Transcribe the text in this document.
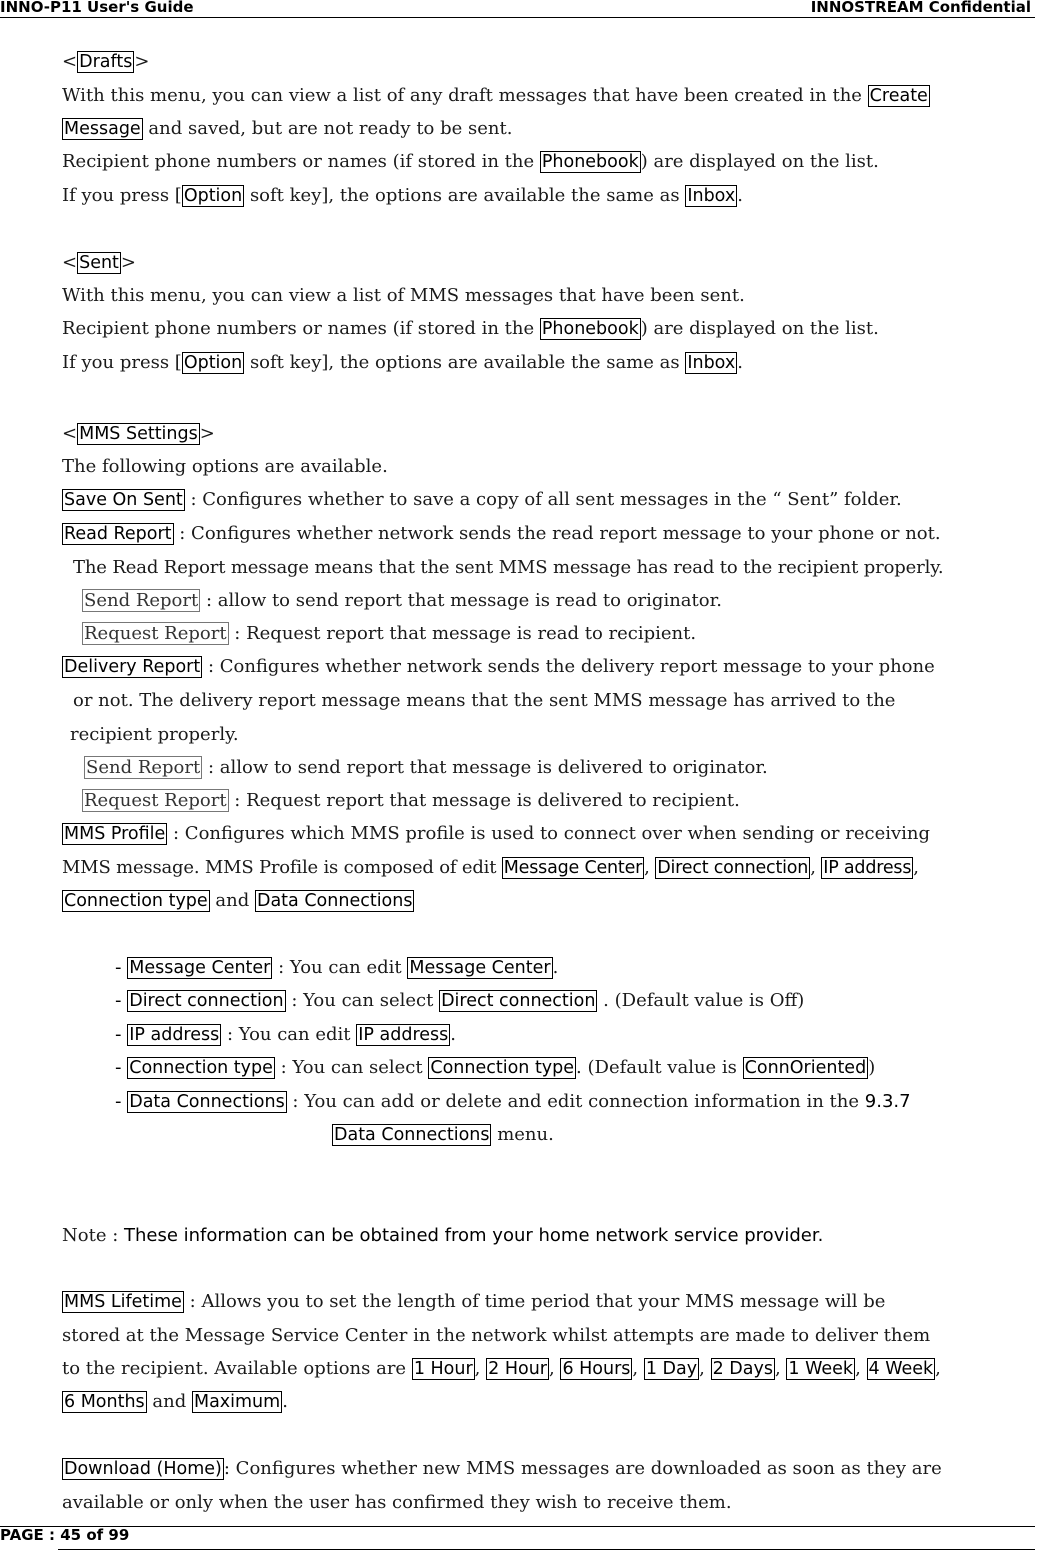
INNO-P11 User's Guide	INNOSTREAM Confidential
< Drafts >
With this menu, you can view a list of any draft messages that have been created in the Create
Message and saved, but are not ready to be sent.
Recipient phone numbers or names (if stored in the Phonebook ) are displayed on the list.
If you press [ Option soft key], the options are available the same as Inbox .
< Sent >
With this menu, you can view a list of MMS messages that have been sent.
Recipient phone numbers or names (if stored in the Phonebook ) are displayed on the list.
If you press [ Option soft key], the options are available the same as Inbox .
< MMS Settings >
The following options are available.
Save On Sent : Configures whether to save a copy of all sent messages in the “ Sent” folder.
Read Report : Configures whether network sends the read report message to your phone or not.
The Read Report message means that the sent MMS message has read to the recipient properly.
Send Report : allow to send report that message is read to originator.
Request Report : Request report that message is read to recipient.
Delivery Report : Configures whether network sends the delivery report message to your phone
or not. The delivery report message means that the sent MMS message has arrived to the
recipient properly.
Send Report : allow to send report that message is delivered to originator.
Request Report : Request report that message is delivered to recipient.
MMS Profile : Configures which MMS profile is used to connect over when sending or receiving
MMS message. MMS Profile is composed of edit Message Center , Direct connection , IP address ,
Connection type and Data Connections
- Message Center : You can edit Message Center .
- Direct connection : You can select Direct connection . (Default value is Off)
- IP address : You can edit IP address .
- Connection type : You can select Connection type . (Default value is ConnOriented )
- Data Connections : You can add or delete and edit connection information in the 9.3.7
Data Connections menu.
Note : These information can be obtained from your home network service provider.
MMS Lifetime : Allows you to set the length of time period that your MMS message will be
stored at the Message Service Center in the network whilst attempts are made to deliver them
to the recipient. Available options are 1 Hour , 2 Hour , 6 Hours , 1 Day , 2 Days , 1 Week , 4 Week ,
6 Months and Maximum .
Download (Home) : Configures whether new MMS messages are downloaded as soon as they are
available or only when the user has confirmed they wish to receive them.
PAGE : 45 of 99
